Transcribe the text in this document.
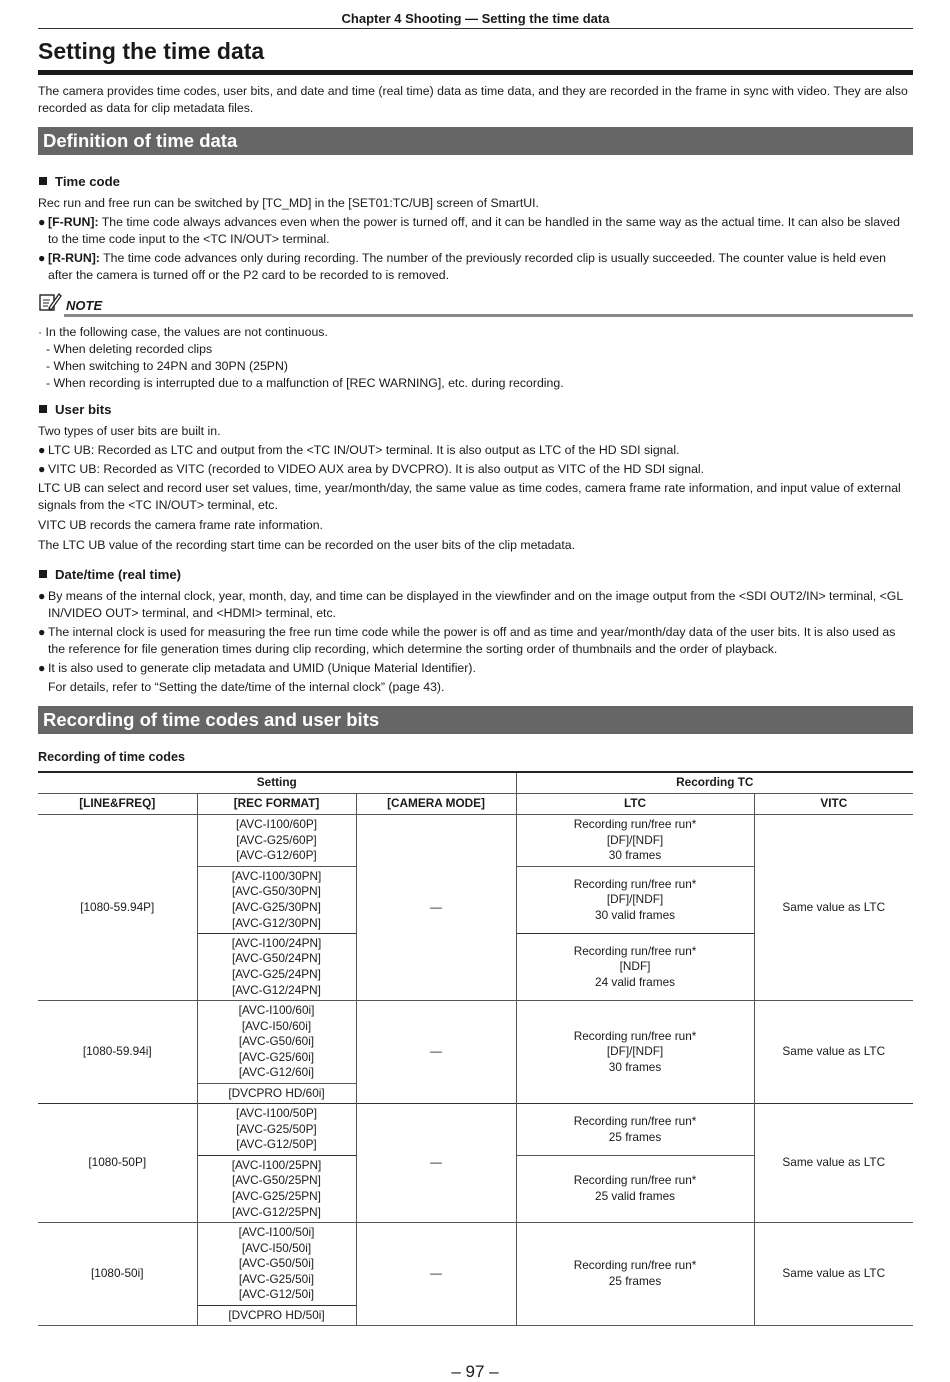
Chapter 4 Shooting — Setting the time data
Setting the time data

The camera provides time codes, user bits, and date and time (real time) data as time data, and they are recorded in the frame in sync with video. They are also recorded as data for clip metadata files.

Definition of time data
Time code

Rec run and free run can be switched by [TC_MD] in the [SET01:TC/UB] screen of SmartUI.

● [F-RUN]: The time code always advances even when the power is turned off, and it can be handled in the same way as the actual time. It can also be slaved to the time code input to the <TC IN/OUT> terminal.
● [R-RUN]: The time code advances only during recording. The number of the previously recorded clip is usually succeeded. The counter value is held even after the camera is turned off or the P2 card to be recorded to is removed.
NOTE
· In the following case, the values are not continuous.
- When deleting recorded clips
- When switching to 24PN and 30PN (25PN)
- When recording is interrupted due to a malfunction of [REC WARNING], etc. during recording.
User bits

Two types of user bits are built in.

● LTC UB: Recorded as LTC and output from the <TC IN/OUT> terminal. It is also output as LTC of the HD SDI signal.
● VITC UB: Recorded as VITC (recorded to VIDEO AUX area by DVCPRO). It is also output as VITC of the HD SDI signal.

LTC UB can select and record user set values, time, year/month/day, the same value as time codes, camera frame rate information, and input value of external signals from the <TC IN/OUT> terminal, etc.

VITC UB records the camera frame rate information.

The LTC UB value of the recording start time can be recorded on the user bits of the clip metadata.

Date/time (real time)
● By means of the internal clock, year, month, day, and time can be displayed in the viewfinder and on the image output from the <SDI OUT2/IN> terminal, <GL IN/VIDEO OUT> terminal, and <HDMI> terminal, etc.
● The internal clock is used for measuring the free run time code while the power is off and as time and year/month/day data of the user bits. It is also used as the reference for file generation times during clip recording, which determine the sorting order of thumbnails and the order of playback.
● It is also used to generate clip metadata and UMID (Unique Material Identifier).

For details, refer to “Setting the date/time of the internal clock” (page 43).

Recording of time codes and user bits
Recording of time codes
Setting			Recording TC	
[LINE&FREQ]	[REC FORMAT]	[CAMERA MODE]	LTC	VITC
[1080-59.94P]	[AVC-I100/60P]
[AVC-G25/60P]
[AVC-G12/60P]	—	Recording run/free run*
[DF]/[NDF]
30 frames	Same value as LTC
	[AVC-I100/30PN]
[AVC-G50/30PN]
[AVC-G25/30PN]
[AVC-G12/30PN]		Recording run/free run*
[DF]/[NDF]
30 valid frames	
	[AVC-I100/24PN]
[AVC-G50/24PN]
[AVC-G25/24PN]
[AVC-G12/24PN]		Recording run/free run*
[NDF]
24 valid frames	
[1080-59.94i]	[AVC-I100/60i]
[AVC-I50/60i]
[AVC-G50/60i]
[AVC-G25/60i]
[AVC-G12/60i]	—	Recording run/free run*
[DF]/[NDF]
30 frames	Same value as LTC
	[DVCPRO HD/60i]			
[1080-50P]	[AVC-I100/50P]
[AVC-G25/50P]
[AVC-G12/50P]	—	Recording run/free run*
25 frames	Same value as LTC
	[AVC-I100/25PN]
[AVC-G50/25PN]
[AVC-G25/25PN]
[AVC-G12/25PN]		Recording run/free run*
25 valid frames	
[1080-50i]	[AVC-I100/50i]
[AVC-I50/50i]
[AVC-G50/50i]
[AVC-G25/50i]
[AVC-G12/50i]	—	Recording run/free run*
25 frames	Same value as LTC
	[DVCPRO HD/50i]			
– 97 –
